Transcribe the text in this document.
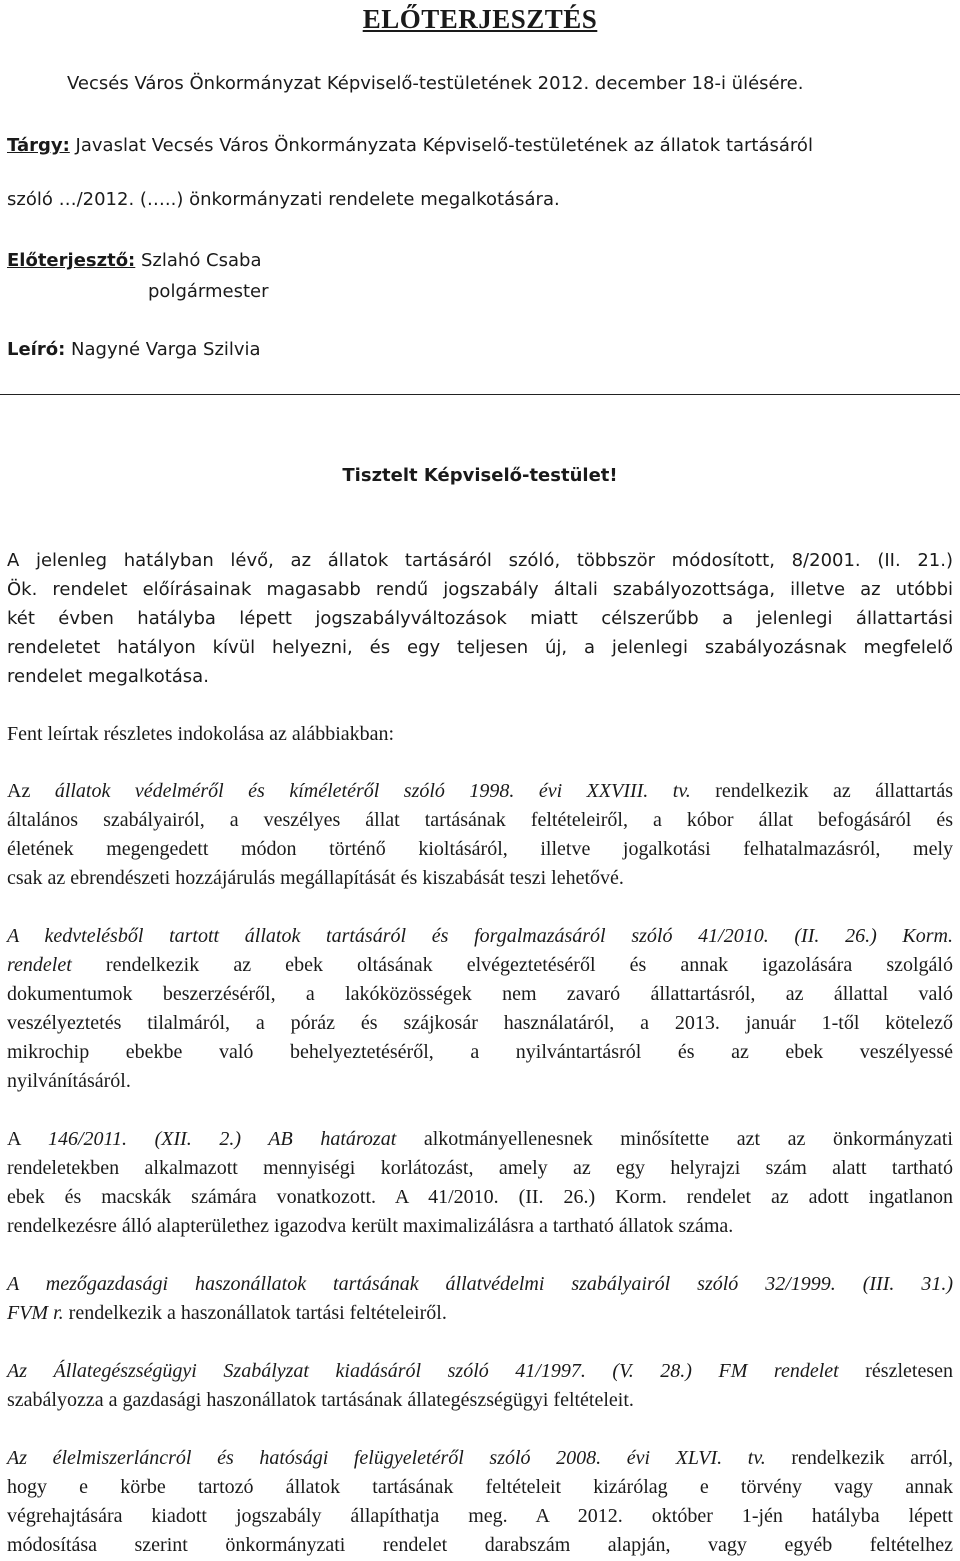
ELŐTERJESZTÉS

Vecsés Város Önkormányzat Képviselő-testületének 2012. december 18-i ülésére.

Tárgy: Javaslat Vecsés Város Önkormányzata Képviselő-testületének az állatok tartásáról

szóló …/2012. (…..) önkormányzati rendelete megalkotására.

Előterjesztő: Szlahó Csaba

polgármester

Leíró: Nagyné Varga Szilvia

Tisztelt Képviselő-testület!

A jelenleg hatályban lévő, az állatok tartásáról szóló, többször módosított, 8/2001. (II. 21.)
Ök. rendelet előírásainak magasabb rendű jogszabály általi szabályozottsága, illetve az utóbbi
két évben hatályba lépett jogszabályváltozások miatt célszerűbb a jelenlegi állattartási
rendeletet hatályon kívül helyezni, és egy teljesen új, a jelenlegi szabályozásnak megfelelő
rendelet megalkotása.

Fent leírtak részletes indokolása az alábbiakban:

Az állatok védelméről és kíméletéről szóló 1998. évi XXVIII. tv. rendelkezik az állattartás
általános szabályairól, a veszélyes állat tartásának feltételeiről, a kóbor állat befogásáról és
életének megengedett módon történő kioltásáról, illetve jogalkotási felhatalmazásról, mely
csak az ebrendészeti hozzájárulás megállapítását és kiszabását teszi lehetővé.
A kedvtelésből tartott állatok tartásáról és forgalmazásáról szóló 41/2010. (II. 26.) Korm.
rendelet rendelkezik az ebek oltásának elvégeztetéséről és annak igazolására szolgáló
dokumentumok beszerzéséről, a lakóközösségek nem zavaró állattartásról, az állattal való
veszélyeztetés tilalmáról, a póráz és szájkosár használatáról, a 2013. január 1-től kötelező
mikrochip ebekbe való behelyeztetéséről, a nyilvántartásról és az ebek veszélyessé
nyilvánításáról.
A 146/2011. (XII. 2.) AB határozat alkotmányellenesnek minősítette azt az önkormányzati
rendeletekben alkalmazott mennyiségi korlátozást, amely az egy helyrajzi szám alatt tartható
ebek és macskák számára vonatkozott. A 41/2010. (II. 26.) Korm. rendelet az adott ingatlanon
rendelkezésre álló alapterülethez igazodva került maximalizálásra a tartható állatok száma.
A mezőgazdasági haszonállatok tartásának állatvédelmi szabályairól szóló 32/1999. (III. 31.)
FVM r. rendelkezik a haszonállatok tartási feltételeiről.
Az Állategészségügyi Szabályzat kiadásáról szóló 41/1997. (V. 28.) FM rendelet részletesen
szabályozza a gazdasági haszonállatok tartásának állategészségügyi feltételeit.
Az élelmiszerláncról és hatósági felügyeletéről szóló 2008. évi XLVI. tv. rendelkezik arról,
hogy e körbe tartozó állatok tartásának feltételeit kizárólag e törvény vagy annak
végrehajtására kiadott jogszabály állapíthatja meg. A 2012. október 1-jén hatályba lépett
módosítása szerint önkormányzati rendelet darabszám alapján, vagy egyéb feltételhez
